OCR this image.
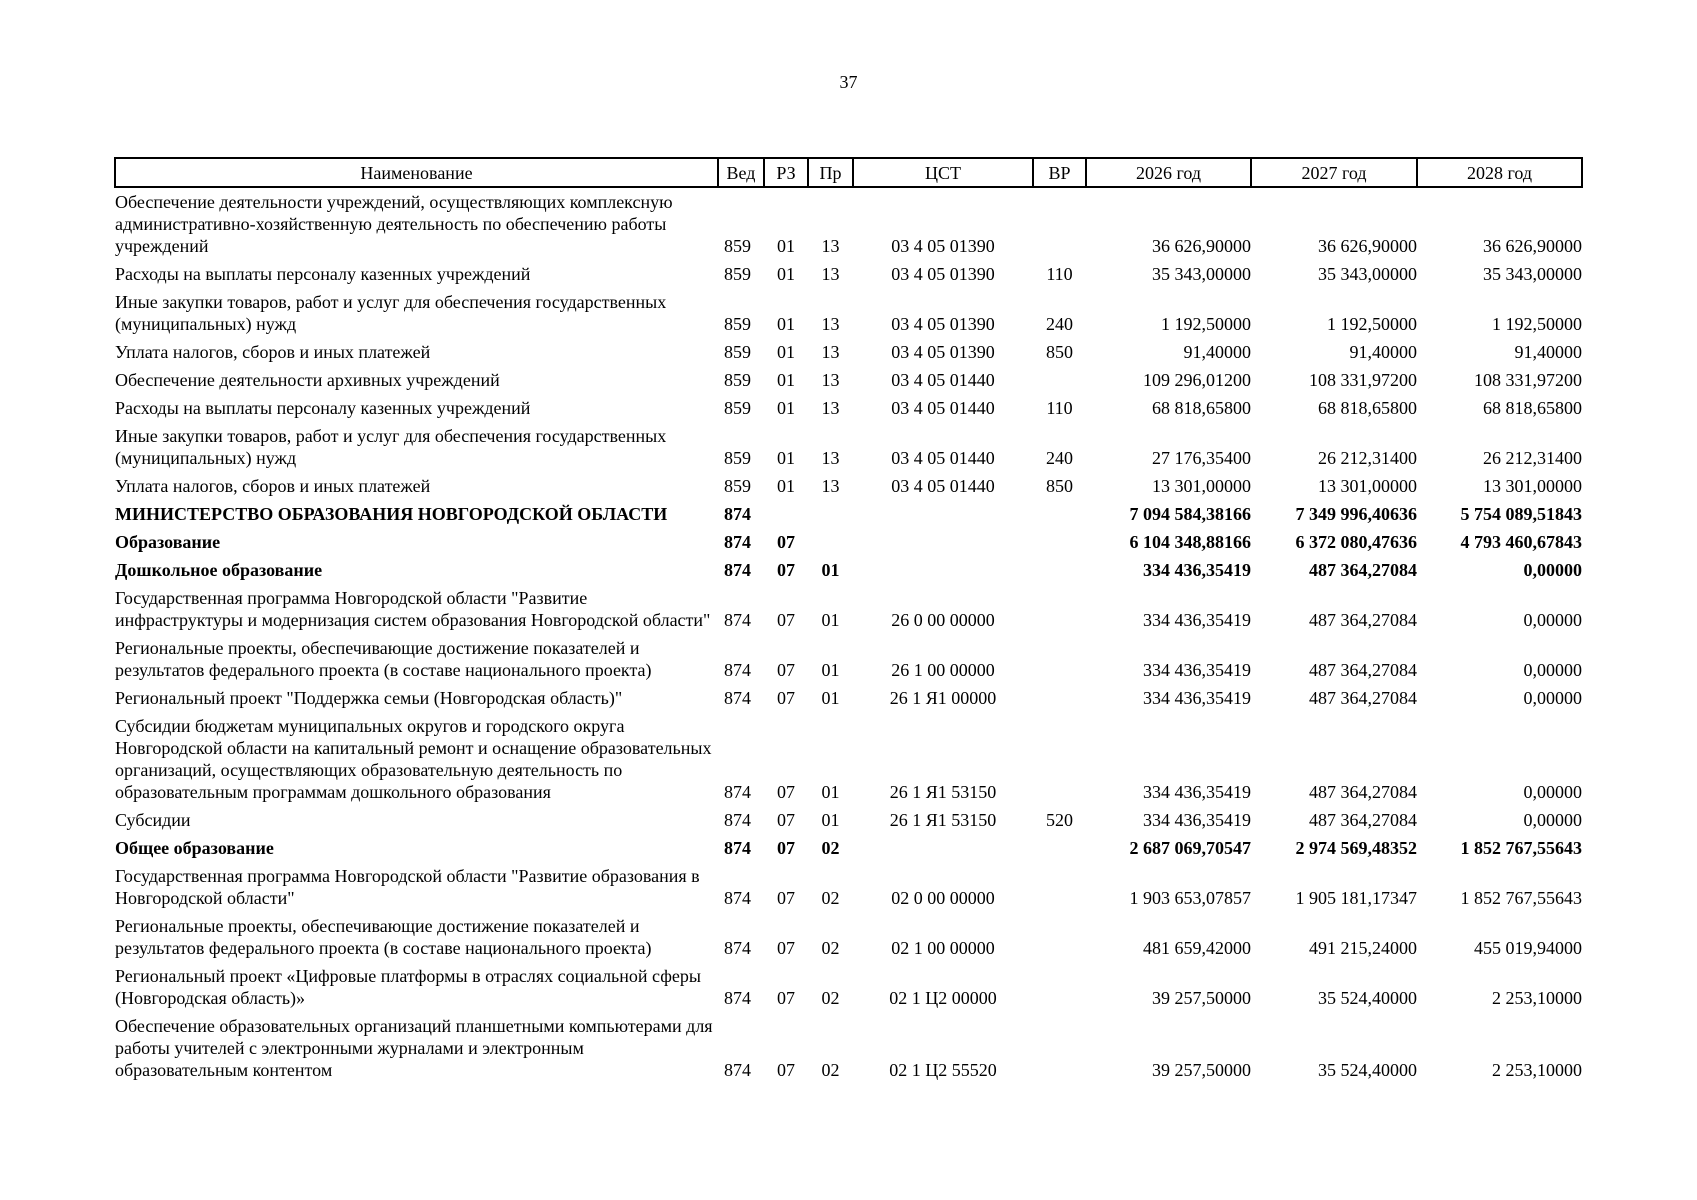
37
Наименование	Вед	РЗ	Пр	ЦСТ	ВР	2026 год	2027 год	2028 год
Обеспечение деятельности учреждений, осуществляющих комплексную административно-хозяйственную деятельность по обеспечению работы учреждений	859	01	13	03 4 05 01390		36 626,90000	36 626,90000	36 626,90000
Расходы на выплаты персоналу казенных учреждений	859	01	13	03 4 05 01390	110	35 343,00000	35 343,00000	35 343,00000
Иные закупки товаров, работ и услуг для обеспечения государственных (муниципальных) нужд	859	01	13	03 4 05 01390	240	1 192,50000	1 192,50000	1 192,50000
Уплата налогов, сборов и иных платежей	859	01	13	03 4 05 01390	850	91,40000	91,40000	91,40000
Обеспечение деятельности архивных учреждений	859	01	13	03 4 05 01440		109 296,01200	108 331,97200	108 331,97200
Расходы на выплаты персоналу казенных учреждений	859	01	13	03 4 05 01440	110	68 818,65800	68 818,65800	68 818,65800
Иные закупки товаров, работ и услуг для обеспечения государственных (муниципальных) нужд	859	01	13	03 4 05 01440	240	27 176,35400	26 212,31400	26 212,31400
Уплата налогов, сборов и иных платежей	859	01	13	03 4 05 01440	850	13 301,00000	13 301,00000	13 301,00000
МИНИСТЕРСТВО ОБРАЗОВАНИЯ НОВГОРОДСКОЙ ОБЛАСТИ	874					7 094 584,38166	7 349 996,40636	5 754 089,51843
Образование	874	07				6 104 348,88166	6 372 080,47636	4 793 460,67843
Дошкольное образование	874	07	01			334 436,35419	487 364,27084	0,00000
Государственная программа Новгородской области "Развитие инфраструктуры и модернизация систем образования Новгородской области"	874	07	01	26 0 00 00000		334 436,35419	487 364,27084	0,00000
Региональные проекты, обеспечивающие достижение показателей и результатов федерального проекта (в составе национального проекта)	874	07	01	26 1 00 00000		334 436,35419	487 364,27084	0,00000
Региональный проект "Поддержка семьи (Новгородская область)"	874	07	01	26 1 Я1 00000		334 436,35419	487 364,27084	0,00000
Субсидии бюджетам муниципальных округов и городского округа Новгородской области на капитальный ремонт и оснащение образовательных организаций, осуществляющих образовательную деятельность по образовательным программам дошкольного образования	874	07	01	26 1 Я1 53150		334 436,35419	487 364,27084	0,00000
Субсидии	874	07	01	26 1 Я1 53150	520	334 436,35419	487 364,27084	0,00000
Общее образование	874	07	02			2 687 069,70547	2 974 569,48352	1 852 767,55643
Государственная программа Новгородской области "Развитие образования в Новгородской области"	874	07	02	02 0 00 00000		1 903 653,07857	1 905 181,17347	1 852 767,55643
Региональные проекты, обеспечивающие достижение показателей и результатов федерального проекта (в составе национального проекта)	874	07	02	02 1 00 00000		481 659,42000	491 215,24000	455 019,94000
Региональный проект «Цифровые платформы в отраслях социальной сферы (Новгородская область)»	874	07	02	02 1 Ц2 00000		39 257,50000	35 524,40000	2 253,10000
Обеспечение образовательных организаций планшетными компьютерами для работы учителей с электронными журналами и электронным образовательным контентом	874	07	02	02 1 Ц2 55520		39 257,50000	35 524,40000	2 253,10000
